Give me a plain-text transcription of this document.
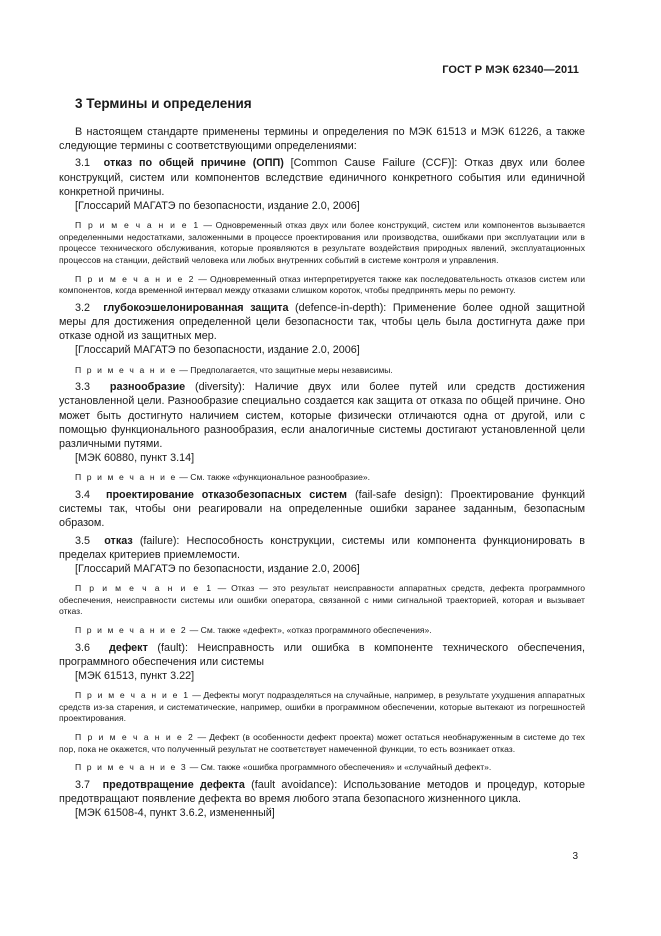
ГОСТ Р МЭК 62340—2011
3 Термины и определения

В настоящем стандарте применены термины и определения по МЭК 61513 и МЭК 61226, а также следующие термины с соответствующими определениями:

3.1 отказ по общей причине (ОПП) [Common Cause Failure (CCF)]: Отказ двух или более конструкций, систем или компонентов вследствие единичного конкретного события или единичной конкретной причины.

[Глоссарий МАГАТЭ по безопасности, издание 2.0, 2006]

П р и м е ч а н и е 1 — Одновременный отказ двух или более конструкций, систем или компонентов вызывается определенными недостатками, заложенными в процессе проектирования или производства, ошибками при эксплуатации или в процессе технического обслуживания, которые проявляются в результате воздействия природных явлений, эксплуатационных процессов на станции, действий человека или любых внутренних событий в системе контроля и управления.

П р и м е ч а н и е 2 — Одновременный отказ интерпретируется также как последовательность отказов систем или компонентов, когда временной интервал между отказами слишком короток, чтобы предпринять меры по ремонту.

3.2 глубокоэшелонированная защита (defence-in-depth): Применение более одной защитной меры для достижения определенной цели безопасности так, чтобы цель была достигнута даже при отказе одной из защитных мер.

[Глоссарий МАГАТЭ по безопасности, издание 2.0, 2006]

П р и м е ч а н и е — Предполагается, что защитные меры независимы.

3.3 разнообразие (diversity): Наличие двух или более путей или средств достижения установленной цели. Разнообразие специально создается как защита от отказа по общей причине. Оно может быть достигнуто наличием систем, которые физически отличаются одна от другой, или с помощью функционального разнообразия, если аналогичные системы достигают установленной цели различными путями.

[МЭК 60880, пункт 3.14]

П р и м е ч а н и е — См. также «функциональное разнообразие».

3.4 проектирование отказобезопасных систем (fail-safe design): Проектирование функций системы так, чтобы они реагировали на определенные ошибки заранее заданным, безопасным образом.

3.5 отказ (failure): Неспособность конструкции, системы или компонента функционировать в пределах критериев приемлемости.

[Глоссарий МАГАТЭ по безопасности, издание 2.0, 2006]

П р и м е ч а н и е 1 — Отказ — это результат неисправности аппаратных средств, дефекта программного обеспечения, неисправности системы или ошибки оператора, связанной с ними сигнальной траекторией, которая и вызывает отказ.

П р и м е ч а н и е 2 — См. также «дефект», «отказ программного обеспечения».

3.6 дефект (fault): Неисправность или ошибка в компоненте технического обеспечения, программного обеспечения или системы

[МЭК 61513, пункт 3.22]

П р и м е ч а н и е 1 — Дефекты могут подразделяться на случайные, например, в результате ухудшения аппаратных средств из-за старения, и систематические, например, ошибки в программном обеспечении, которые вытекают из погрешностей проектирования.

П р и м е ч а н и е 2 — Дефект (в особенности дефект проекта) может остаться необнаруженным в системе до тех пор, пока не окажется, что полученный результат не соответствует намеченной функции, то есть возникает отказ.

П р и м е ч а н и е 3 — См. также «ошибка программного обеспечения» и «случайный дефект».

3.7 предотвращение дефекта (fault avoidance): Использование методов и процедур, которые предотвращают появление дефекта во время любого этапа безопасного жизненного цикла.

[МЭК 61508-4, пункт 3.6.2, измененный]

3
